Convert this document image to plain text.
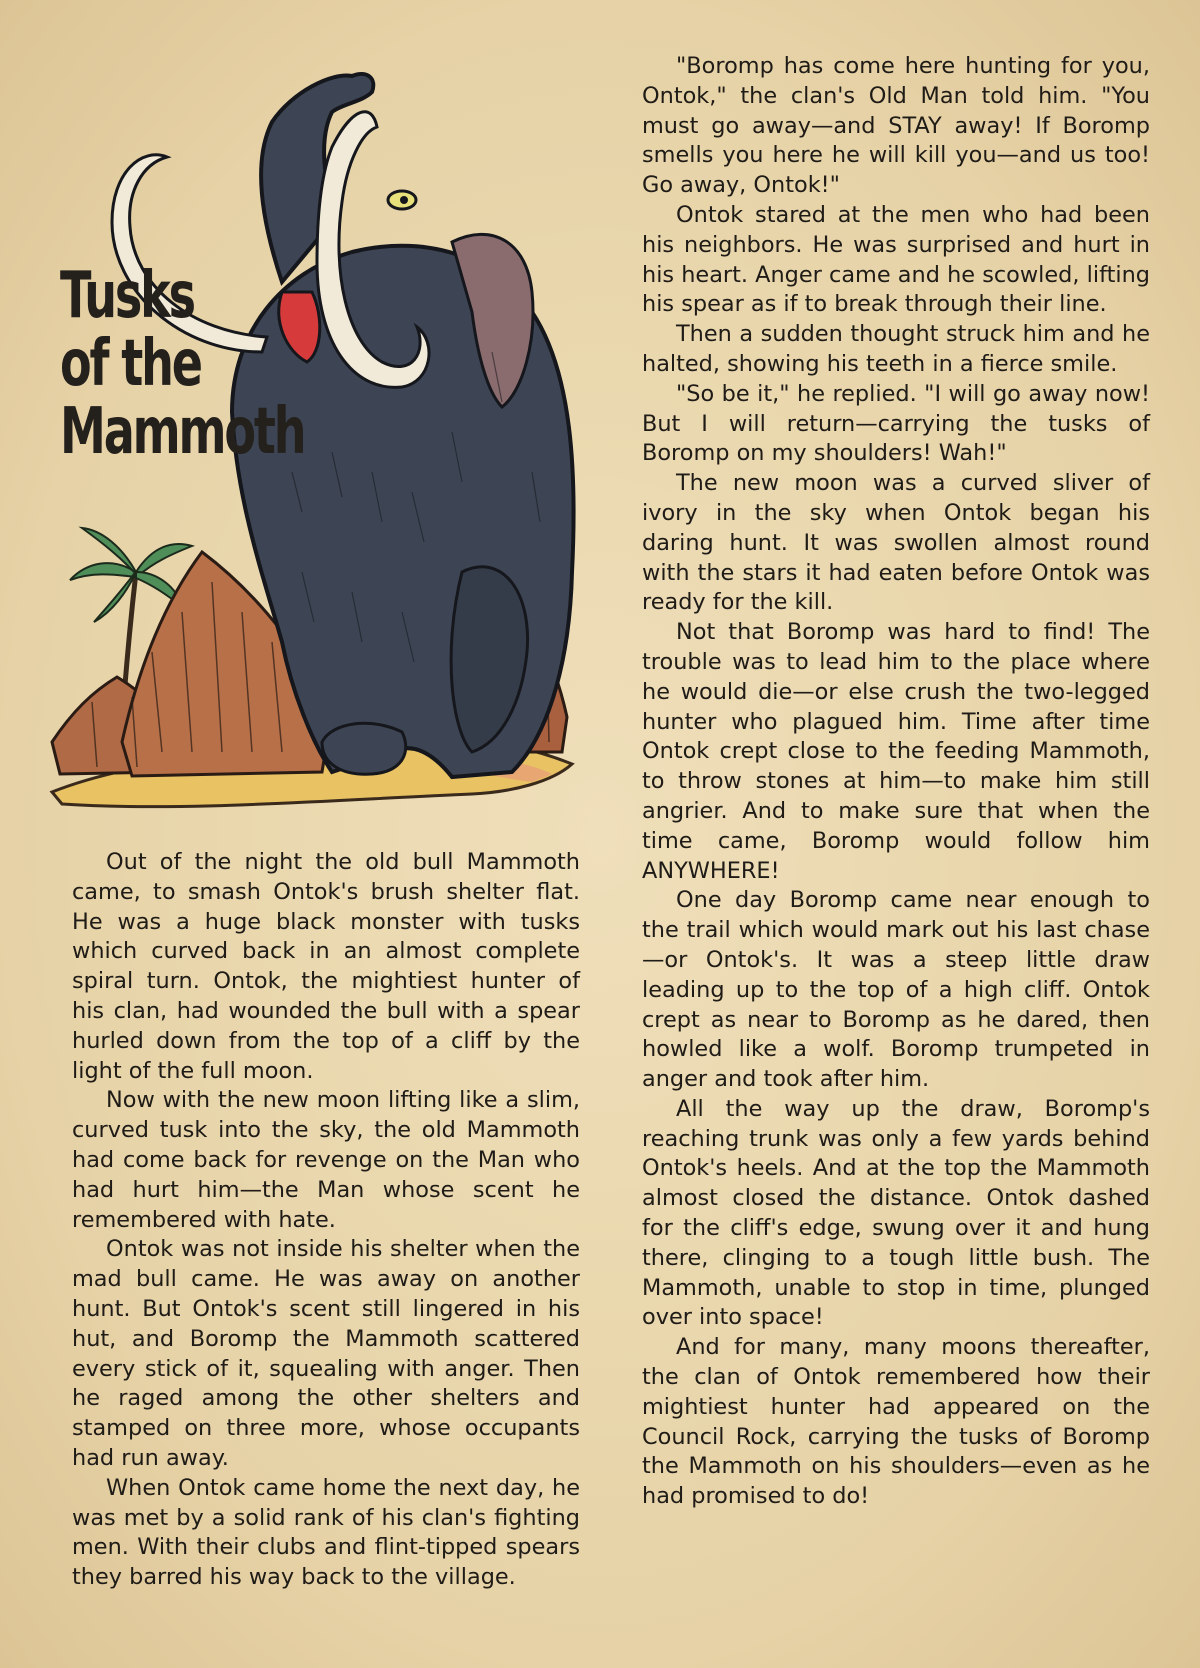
Tusks
of the
Mammoth

Out of the night the old bull Mammoth came, to smash Ontok's brush shelter flat. He was a huge black monster with tusks which curved back in an almost complete spiral turn. Ontok, the mightiest hunter of his clan, had wounded the bull with a spear hurled down from the top of a cliff by the light of the full moon.

Now with the new moon lifting like a slim, curved tusk into the sky, the old Mammoth had come back for revenge on the Man who had hurt him—the Man whose scent he remembered with hate.

Ontok was not inside his shelter when the mad bull came. He was away on another hunt. But Ontok's scent still lingered in his hut, and Boromp the Mammoth scattered every stick of it, squealing with anger. Then he raged among the other shelters and stamped on three more, whose occupants had run away.

When Ontok came home the next day, he was met by a solid rank of his clan's fighting men. With their clubs and flint-tipped spears they barred his way back to the village.

"Boromp has come here hunting for you, Ontok," the clan's Old Man told him. "You must go away—and STAY away! If Boromp smells you here he will kill you—and us too! Go away, Ontok!"

Ontok stared at the men who had been his neighbors. He was surprised and hurt in his heart. Anger came and he scowled, lifting his spear as if to break through their line.

Then a sudden thought struck him and he halted, showing his teeth in a fierce smile.

"So be it," he replied. "I will go away now! But I will return—carrying the tusks of Boromp on my shoulders! Wah!"

The new moon was a curved sliver of ivory in the sky when Ontok began his daring hunt. It was swollen almost round with the stars it had eaten before Ontok was ready for the kill.

Not that Boromp was hard to find! The trouble was to lead him to the place where he would die—or else crush the two-legged hunter who plagued him. Time after time Ontok crept close to the feeding Mammoth, to throw stones at him—to make him still angrier. And to make sure that when the time came, Boromp would follow him ANYWHERE!

One day Boromp came near enough to the trail which would mark out his last chase—or Ontok's. It was a steep little draw leading up to the top of a high cliff. Ontok crept as near to Boromp as he dared, then howled like a wolf. Boromp trumpeted in anger and took after him.

All the way up the draw, Boromp's reaching trunk was only a few yards behind Ontok's heels. And at the top the Mammoth almost closed the distance. Ontok dashed for the cliff's edge, swung over it and hung there, clinging to a tough little bush. The Mammoth, unable to stop in time, plunged over into space!

And for many, many moons thereafter, the clan of Ontok remembered how their mightiest hunter had appeared on the Council Rock, carrying the tusks of Boromp the Mammoth on his shoulders—even as he had promised to do!
